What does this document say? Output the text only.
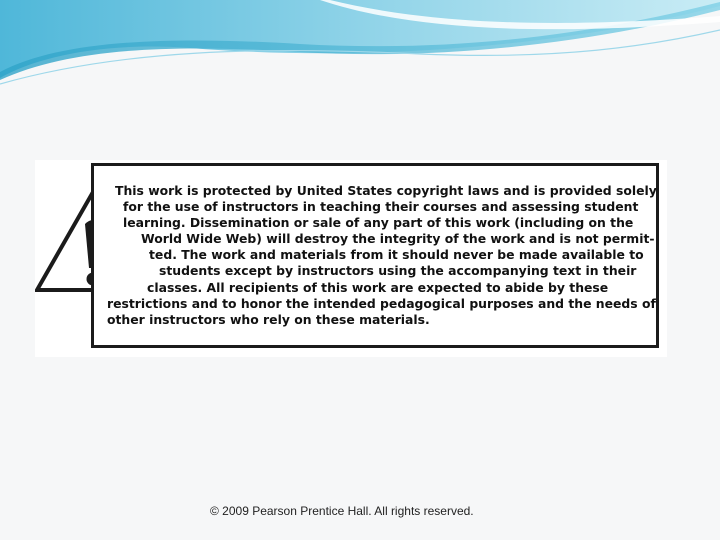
This work is protected by United States copyright laws and is provided solely
for the use of instructors in teaching their courses and assessing student
learning. Dissemination or sale of any part of this work (including on the
World Wide Web) will destroy the integrity of the work and is not permit-
ted. The work and materials from it should never be made available to
students except by instructors using the accompanying text in their
classes. All recipients of this work are expected to abide by these
restrictions and to honor the intended pedagogical purposes and the needs of
other instructors who rely on these materials.

© 2009 Pearson Prentice Hall. All rights reserved.
